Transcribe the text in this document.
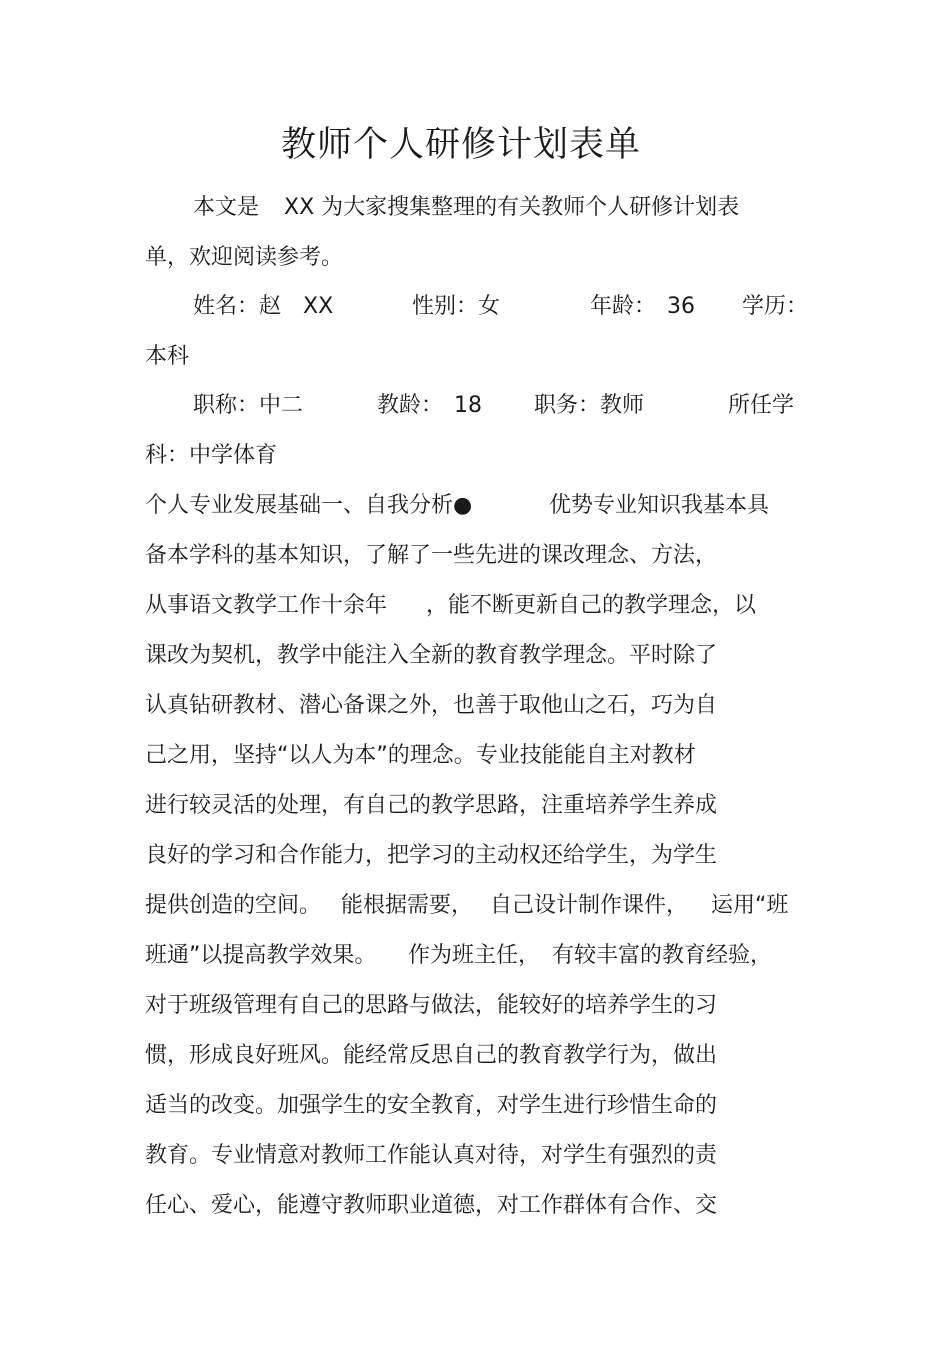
教师个人研修计划表单
本文是 XX 为大家搜集整理的有关教师个人研修计划表

单，欢迎阅读参考。

姓名：赵　XX	性别：女	年龄：　36 学历：

本科

职称：中二	教龄：　18 职务：教师	所任学

科：中学体育

个人专业发展基础一、自我分析●	优势专业知识我基本具

备本学科的基本知识，了解了一些先进的课改理念、方法，

从事语文教学工作十余年 ，能不断更新自己的教学理念，以

课改为契机，教学中能注入全新的教育教学理念。平时除了

认真钻研教材、潜心备课之外，也善于取他山之石，巧为自

己之用，坚持“以人为本”的理念。专业技能能自主对教材

进行较灵活的处理，有自己的教学思路，注重培养学生养成

良好的学习和合作能力，把学习的主动权还给学生，为学生

提供创造的空间。 能根据需要， 自己设计制作课件， 运用“班
班通”以提高教学效果。 作为班主任， 有较丰富的教育经验，

对于班级管理有自己的思路与做法，能较好的培养学生的习

惯，形成良好班风。能经常反思自己的教育教学行为，做出

适当的改变。加强学生的安全教育，对学生进行珍惜生命的

教育。专业情意对教师工作能认真对待，对学生有强烈的责

任心、爱心，能遵守教师职业道德，对工作群体有合作、交
